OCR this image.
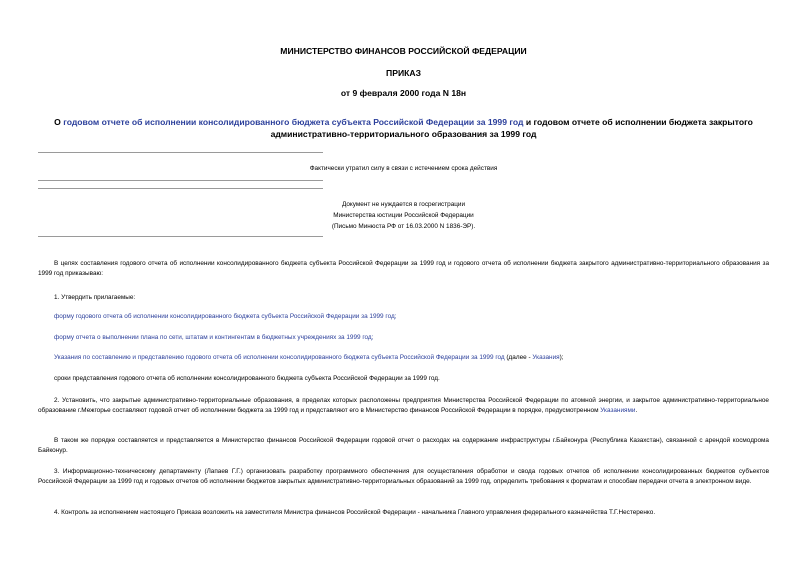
МИНИСТЕРСТВО ФИНАНСОВ РОССИЙСКОЙ ФЕДЕРАЦИИ
ПРИКАЗ
от 9 февраля 2000 года N 18н
О годовом отчете об исполнении консолидированного бюджета субъекта Российской Федерации за 1999 год и годовом отчете об исполнении бюджета закрытого административно-территориального образования за 1999 год
Фактически утратил силу в связи с истечением срока действия
Документ не нуждается в госрегистрации
Министерства юстиции Российской Федерации
(Письмо Минюста РФ от 16.03.2000 N 1836-ЭР).
В целях составления годового отчета об исполнении консолидированного бюджета субъекта Российской Федерации за 1999 год и годового отчета об исполнении бюджета закрытого административно-территориального образования за 1999 год приказываю:
1. Утвердить прилагаемые:
форму годового отчета об исполнении консолидированного бюджета субъекта Российской Федерации за 1999 год;
форму отчета о выполнении плана по сети, штатам и контингентам в бюджетных учреждениях за 1999 год;
Указания по составлению и представлению годового отчета об исполнении консолидированного бюджета субъекта Российской Федерации за 1999 год (далее - Указания);
сроки представления годового отчета об исполнении консолидированного бюджета субъекта Российской Федерации за 1999 год.
2. Установить, что закрытые административно-территориальные образования, в пределах которых расположены предприятия Министерства Российской Федерации по атомной энергии, и закрытое административно-территориальное образование г.Межгорье составляют годовой отчет об исполнении бюджета за 1999 год и представляют его в Министерство финансов Российской Федерации в порядке, предусмотренном Указаниями.
В таком же порядке составляется и представляется в Министерство финансов Российской Федерации годовой отчет о расходах на содержание инфраструктуры г.Байконура (Республика Казахстан), связанной с арендой космодрома Байконур.
3. Информационно-техническому департаменту (Лапаев Г.Г.) организовать разработку программного обеспечения для осуществления обработки и свода годовых отчетов об исполнении консолидированных бюджетов субъектов Российской Федерации за 1999 год и годовых отчетов об исполнении бюджетов закрытых административно-территориальных образований за 1999 год, определить требования к форматам и способам передачи отчета в электронном виде.
4. Контроль за исполнением настоящего Приказа возложить на заместителя Министра финансов Российской Федерации - начальника Главного управления федерального казначейства Т.Г.Нестеренко.
